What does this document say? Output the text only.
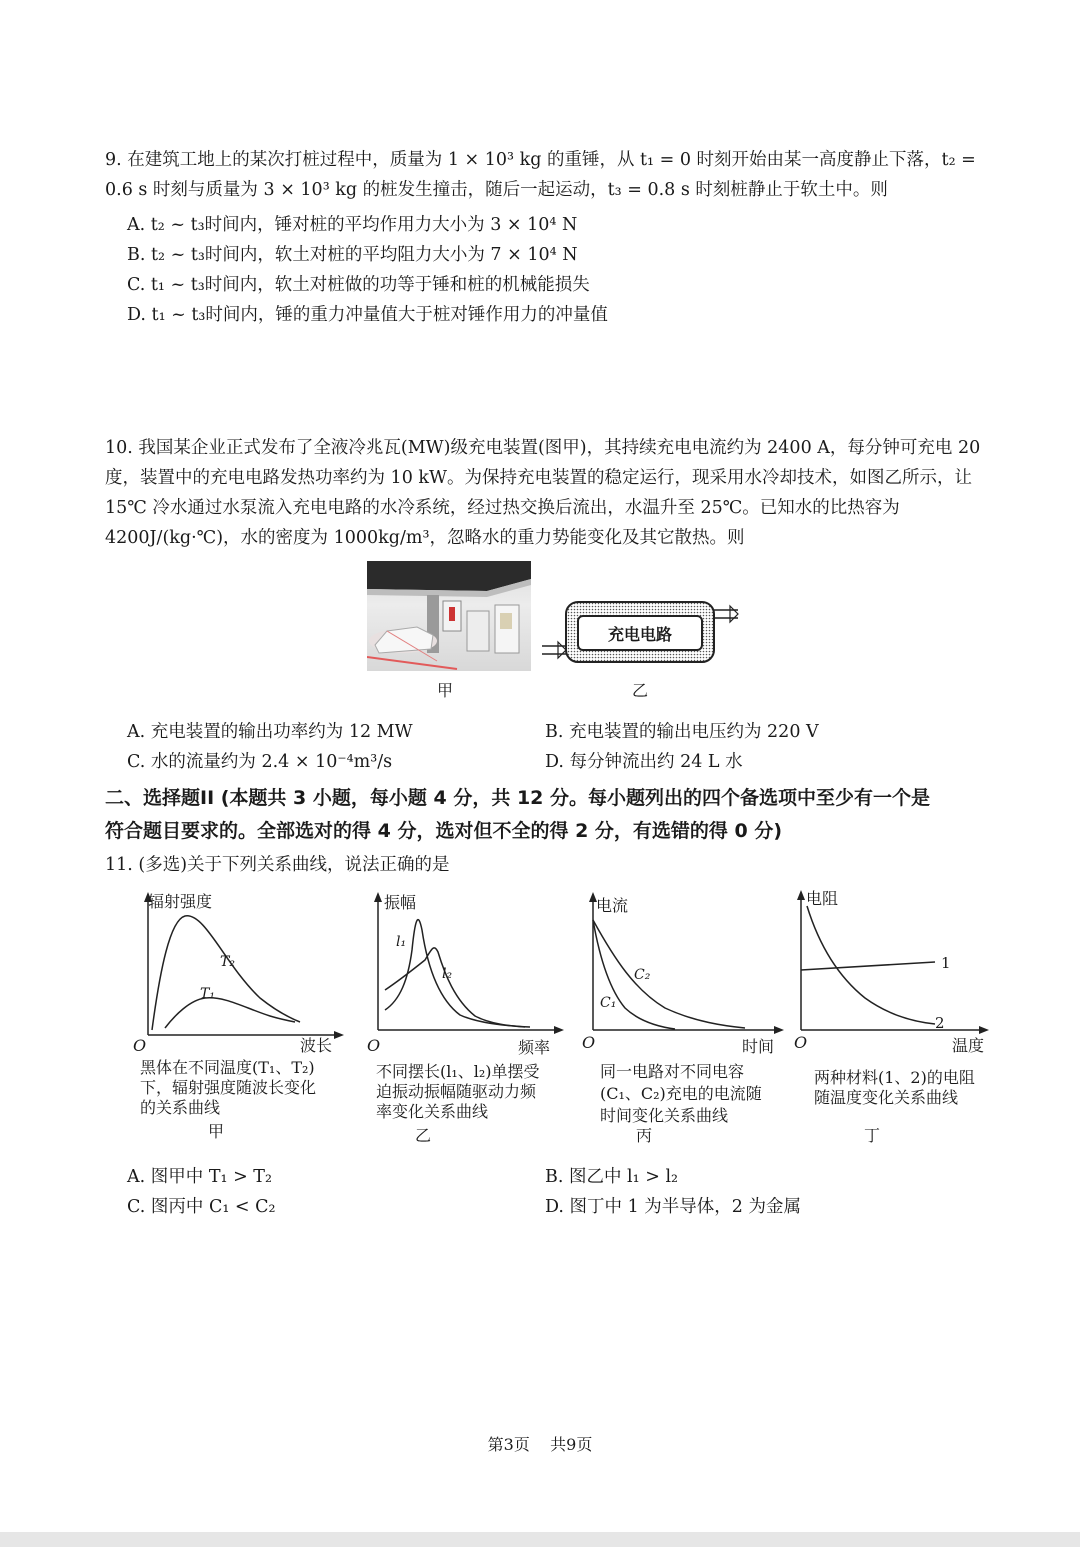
9. 在建筑工地上的某次打桩过程中，质量为 1 × 10³ kg 的重锤，从 t₁ = 0 时刻开始由某一高度静止下落，t₂ = 0.6 s 时刻与质量为 3 × 10³ kg 的桩发生撞击，随后一起运动，t₃ = 0.8 s 时刻桩静止于软土中。则
A. t₂ ~ t₃时间内，锤对桩的平均作用力大小为 3 × 10⁴ N
B. t₂ ~ t₃时间内，软土对桩的平均阻力大小为 7 × 10⁴ N
C. t₁ ~ t₃时间内，软土对桩做的功等于锤和桩的机械能损失
D. t₁ ~ t₃时间内，锤的重力冲量值大于桩对锤作用力的冲量值
10. 我国某企业正式发布了全液冷兆瓦(MW)级充电装置(图甲)，其持续充电电流约为 2400 A，每分钟可充电 20 度，装置中的充电电路发热功率约为 10 kW。为保持充电装置的稳定运行，现采用水冷却技术，如图乙所示，让 15℃ 冷水通过水泵流入充电电路的水冷系统，经过热交换后流出，水温升至 25℃。已知水的比热容为 4200J/(kg·℃)，水的密度为 1000kg/m³，忽略水的重力势能变化及其它散热。则
甲
充电电路
乙
A. 充电装置的输出功率约为 12 MW	B. 充电装置的输出电压约为 220 V
C. 水的流量约为 2.4 × 10⁻⁴m³/s	D. 每分钟流出约 24 L 水
二、选择题II (本题共 3 小题，每小题 4 分，共 12 分。每小题列出的四个备选项中至少有一个是
符合题目要求的。全部选对的得 4 分，选对但不全的得 2 分，有选错的得 0 分)
11. (多选)关于下列关系曲线，说法正确的是
辐射强度
波长
O
T₂
T₁
黑体在不同温度(T₁、T₂)
下，辐射强度随波长变化
的关系曲线
甲
振幅
频率
O
l₁
l₂
不同摆长(l₁、l₂)单摆受
迫振动振幅随驱动力频
率变化关系曲线
乙
电流
时间
O
C₂
C₁
同一电路对不同电容
(C₁、C₂)充电的电流随
时间变化关系曲线
丙
电阻
温度
O
1
2
两种材料(1、2)的电阻
随温度变化关系曲线
丁
A. 图甲中 T₁ > T₂	B. 图乙中 l₁ > l₂
C. 图丙中 C₁ < C₂	D. 图丁中 1 为半导体，2 为金属
第3页    共9页
